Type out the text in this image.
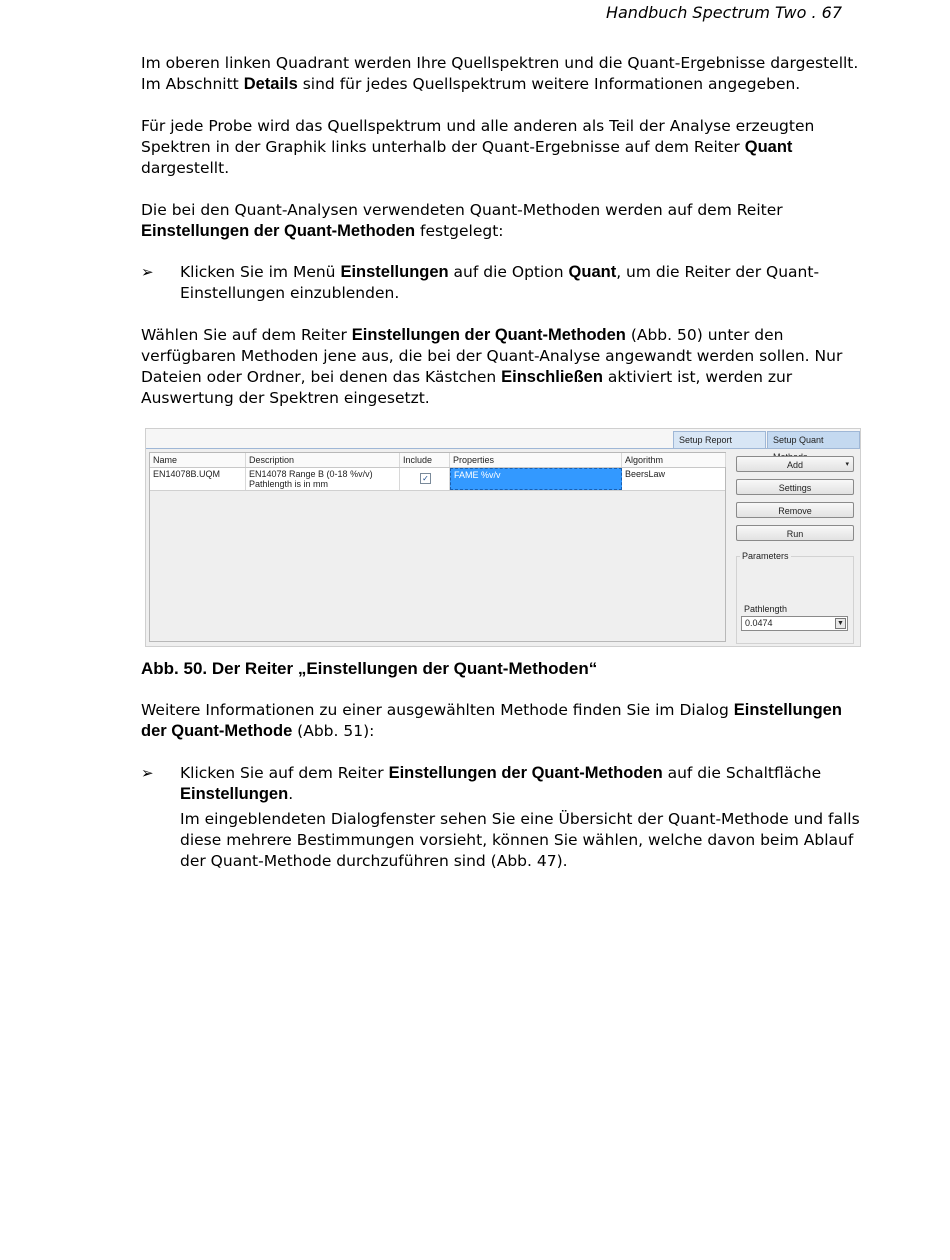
Handbuch Spectrum Two . 67

Im oberen linken Quadrant werden Ihre Quellspektren und die Quant-Ergebnisse dargestellt. Im Abschnitt Details sind für jedes Quellspektrum weitere Informationen angegeben.

Für jede Probe wird das Quellspektrum und alle anderen als Teil der Analyse erzeugten Spektren in der Graphik links unterhalb der Quant-Ergebnisse auf dem Reiter Quant dargestellt.

Die bei den Quant-Analysen verwendeten Quant-Methoden werden auf dem Reiter Einstellungen der Quant-Methoden festgelegt:

➢ Klicken Sie im Menü Einstellungen auf die Option Quant, um die Reiter der Quant-Einstellungen einzublenden.

Wählen Sie auf dem Reiter Einstellungen der Quant-Methoden (Abb. 50) unter den verfügbaren Methoden jene aus, die bei der Quant-Analyse angewandt werden sollen. Nur Dateien oder Ordner, bei denen das Kästchen Einschließen aktiviert ist, werden zur Auswertung der Spektren eingesetzt.

Setup Report	Setup Quant
Name	Description	Include	Properties	Algorithm
EN14078B.UQM	EN14078 Range B (0-18 %v/v)
Pathlength is in mm
✓	FAME %v/v	BeersLaw
Add	▾
Settings
Remove
Run
Parameters
Pathlength
0.0474	▼
Abb. 50. Der Reiter „Einstellungen der Quant-Methoden“

Weitere Informationen zu einer ausgewählten Methode finden Sie im Dialog Einstellungen der Quant-Methode (Abb. 51):

➢ Klicken Sie auf dem Reiter Einstellungen der Quant-Methoden auf die Schaltfläche Einstellungen.

Im eingeblendeten Dialogfenster sehen Sie eine Übersicht der Quant-Methode und falls diese mehrere Bestimmungen vorsieht, können Sie wählen, welche davon beim Ablauf der Quant-Methode durchzuführen sind (Abb. 47).
